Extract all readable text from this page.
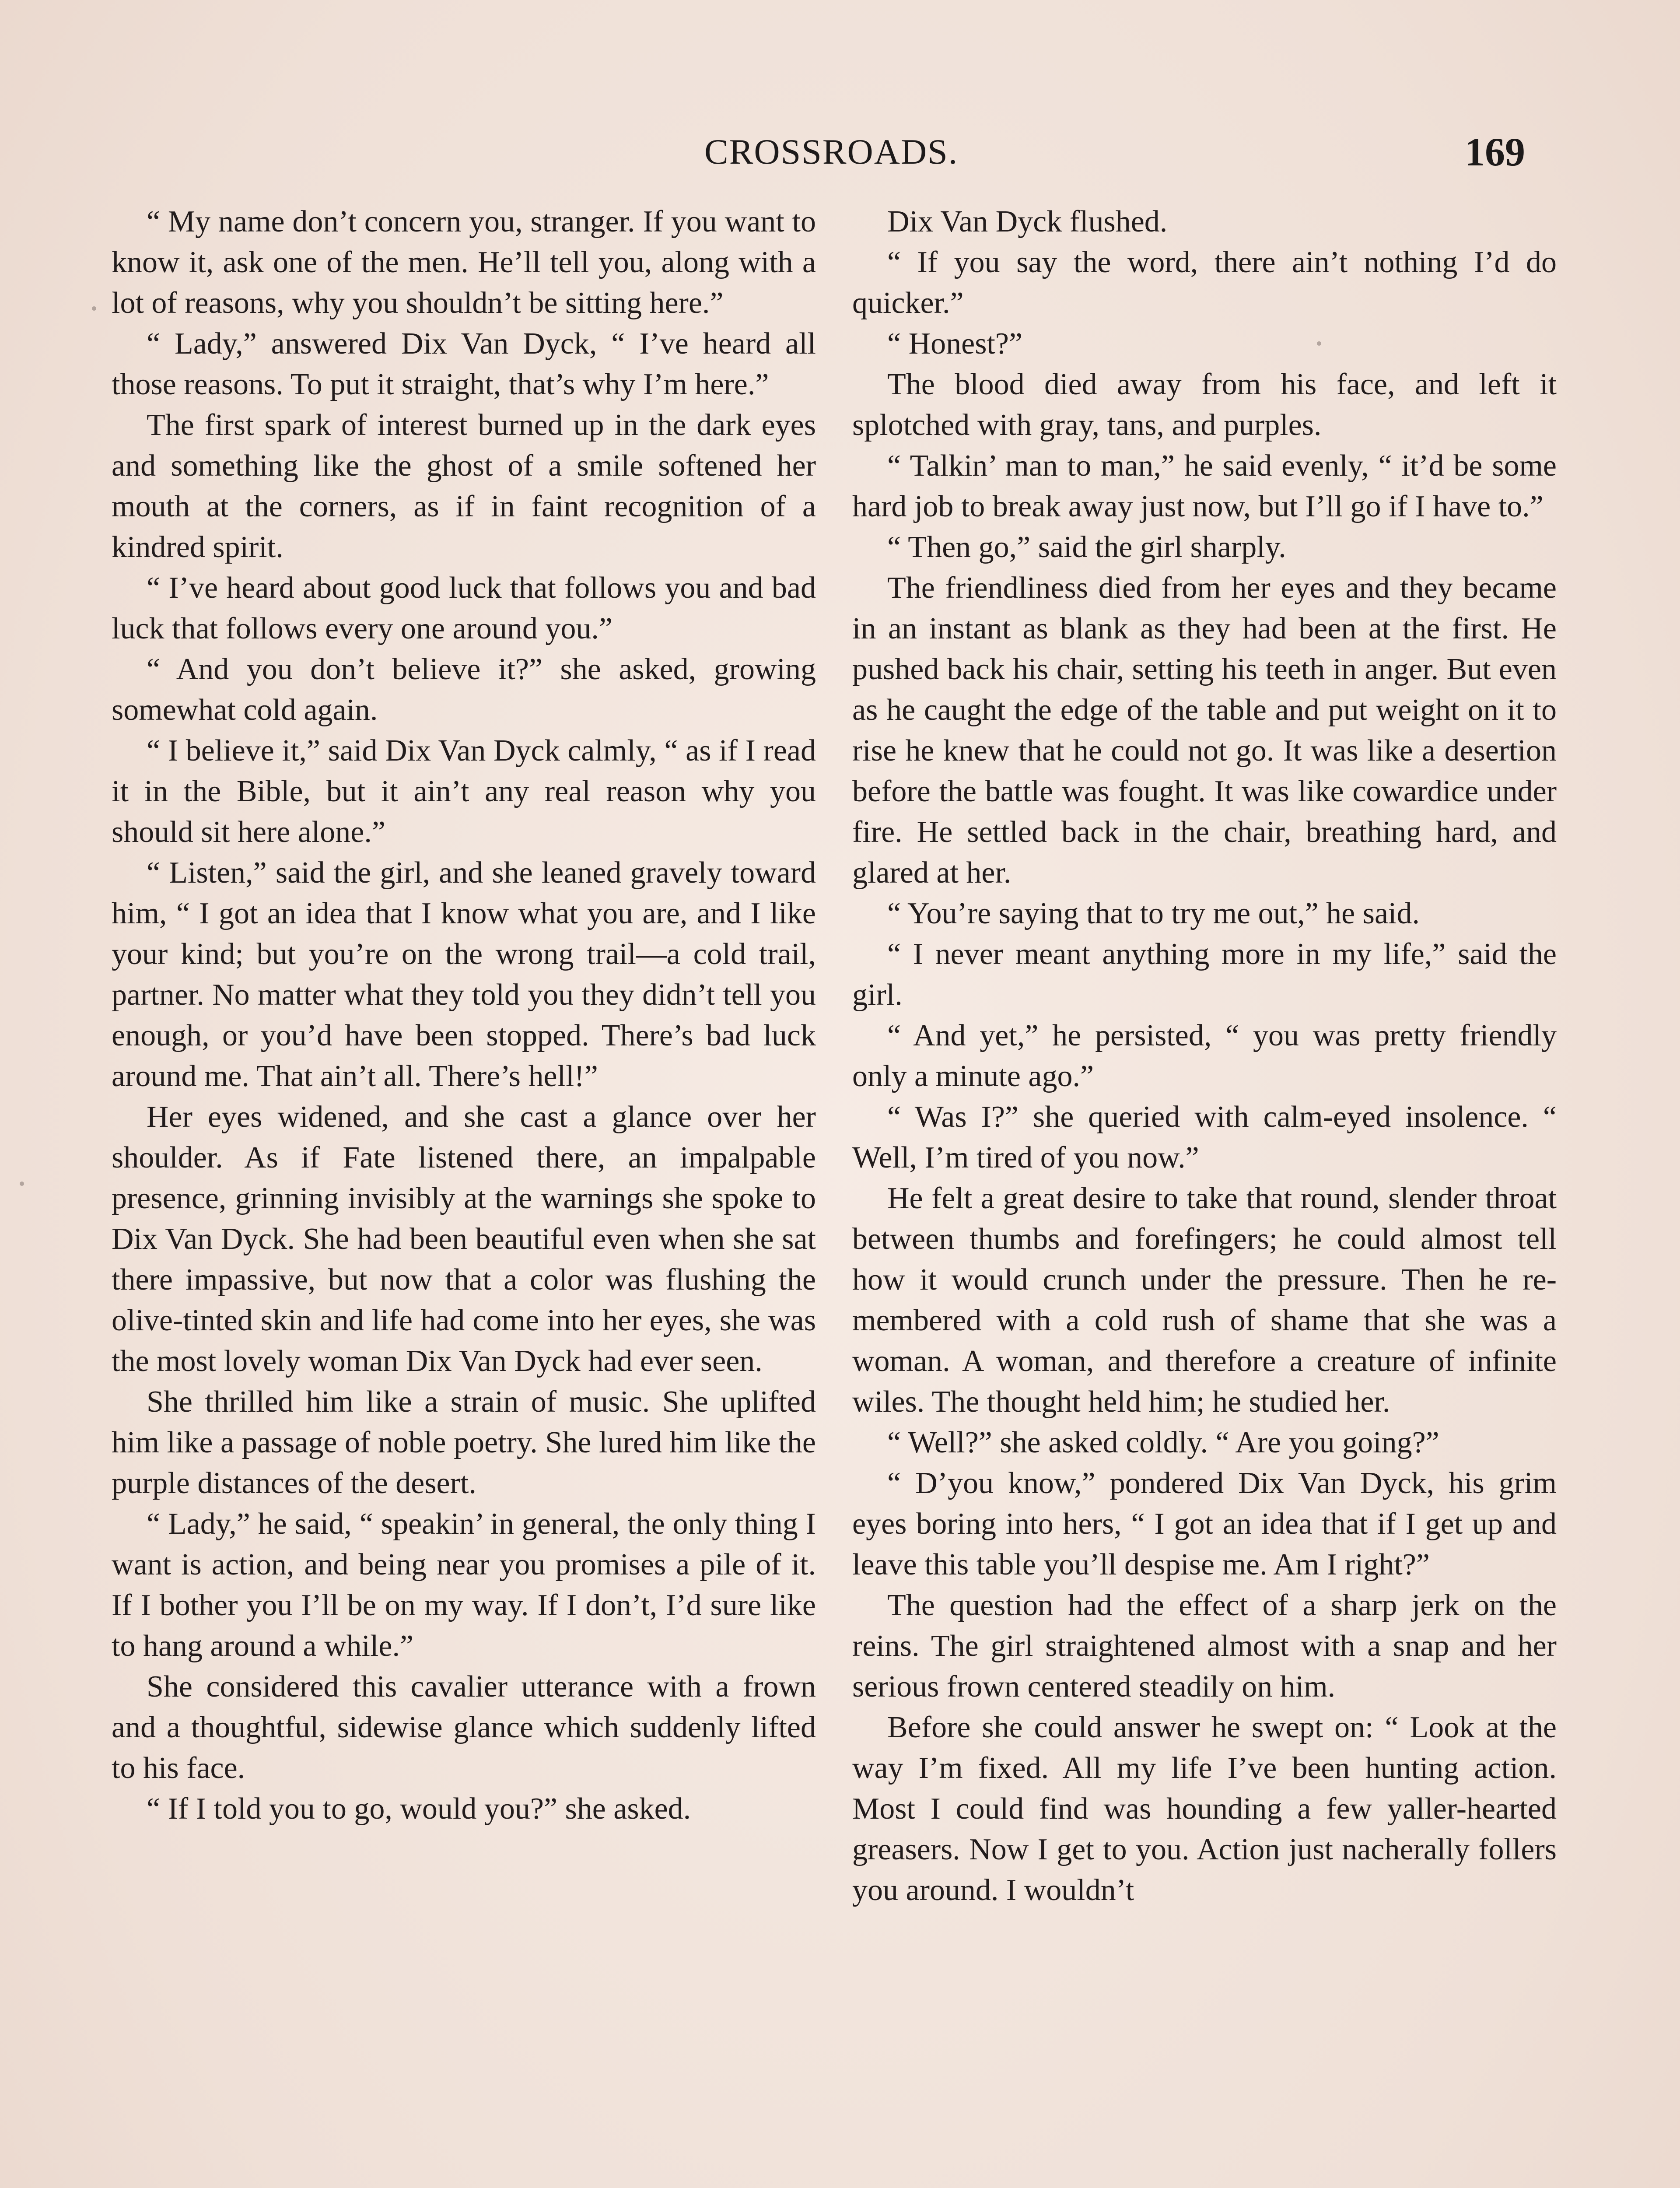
CROSSROADS.	169

“ My name don’t concern you, stranger. If you want to know it, ask one of the men. He’ll tell you, along with a lot of reasons, why you shouldn’t be sitting here.”

“ Lady,” answered Dix Van Dyck, “ I’ve heard all those reasons. To put it straight, that’s why I’m here.”

The first spark of interest burned up in the dark eyes and something like the ghost of a smile softened her mouth at the corners, as if in faint recognition of a kindred spirit.

“ I’ve heard about good luck that follows you and bad luck that follows every one around you.”

“ And you don’t believe it?” she asked, growing somewhat cold again.

“ I believe it,” said Dix Van Dyck calmly, “ as if I read it in the Bible, but it ain’t any real reason why you should sit here alone.”

“ Listen,” said the girl, and she leaned gravely toward him, “ I got an idea that I know what you are, and I like your kind; but you’re on the wrong trail—a cold trail, partner. No matter what they told you they didn’t tell you enough, or you’d have been stopped. There’s bad luck around me. That ain’t all. There’s hell!”

Her eyes widened, and she cast a glance over her shoulder. As if Fate listened there, an impalpable presence, grinning invisibly at the warnings she spoke to Dix Van Dyck. She had been beautiful even when she sat there impassive, but now that a color was flushing the olive-tinted skin and life had come into her eyes, she was the most lovely woman Dix Van Dyck had ever seen.

She thrilled him like a strain of music. She uplifted him like a passage of noble poetry. She lured him like the purple distances of the desert.

“ Lady,” he said, “ speakin’ in general, the only thing I want is action, and being near you promises a pile of it. If I bother you I’ll be on my way. If I don’t, I’d sure like to hang around a while.”

She considered this cavalier utterance with a frown and a thoughtful, sidewise glance which suddenly lifted to his face.

“ If I told you to go, would you?” she asked.

Dix Van Dyck flushed.

“ If you say the word, there ain’t nothing I’d do quicker.”

“ Honest?”

The blood died away from his face, and left it splotched with gray, tans, and purples.

“ Talkin’ man to man,” he said evenly, “ it’d be some hard job to break away just now, but I’ll go if I have to.”

“ Then go,” said the girl sharply.

The friendliness died from her eyes and they became in an instant as blank as they had been at the first. He pushed back his chair, setting his teeth in anger. But even as he caught the edge of the table and put weight on it to rise he knew that he could not go. It was like a desertion before the battle was fought. It was like cowardice under fire. He settled back in the chair, breathing hard, and glared at her.

“ You’re saying that to try me out,” he said.

“ I never meant anything more in my life,” said the girl.

“ And yet,” he persisted, “ you was pretty friendly only a minute ago.”

“ Was I?” she queried with calm-eyed insolence. “ Well, I’m tired of you now.”

He felt a great desire to take that round, slender throat between thumbs and forefingers; he could almost tell how it would crunch under the pressure. Then he remembered with a cold rush of shame that she was a woman. A woman, and therefore a creature of infinite wiles. The thought held him; he studied her.

“ Well?” she asked coldly. “ Are you going?”

“ D’you know,” pondered Dix Van Dyck, his grim eyes boring into hers, “ I got an idea that if I get up and leave this table you’ll despise me. Am I right?”

The question had the effect of a sharp jerk on the reins. The girl straightened almost with a snap and her serious frown centered steadily on him.

Before she could answer he swept on: “ Look at the way I’m fixed. All my life I’ve been hunting action. Most I could find was hounding a few yaller-hearted greasers. Now I get to you. Action just nacherally follers you around. I wouldn’t
